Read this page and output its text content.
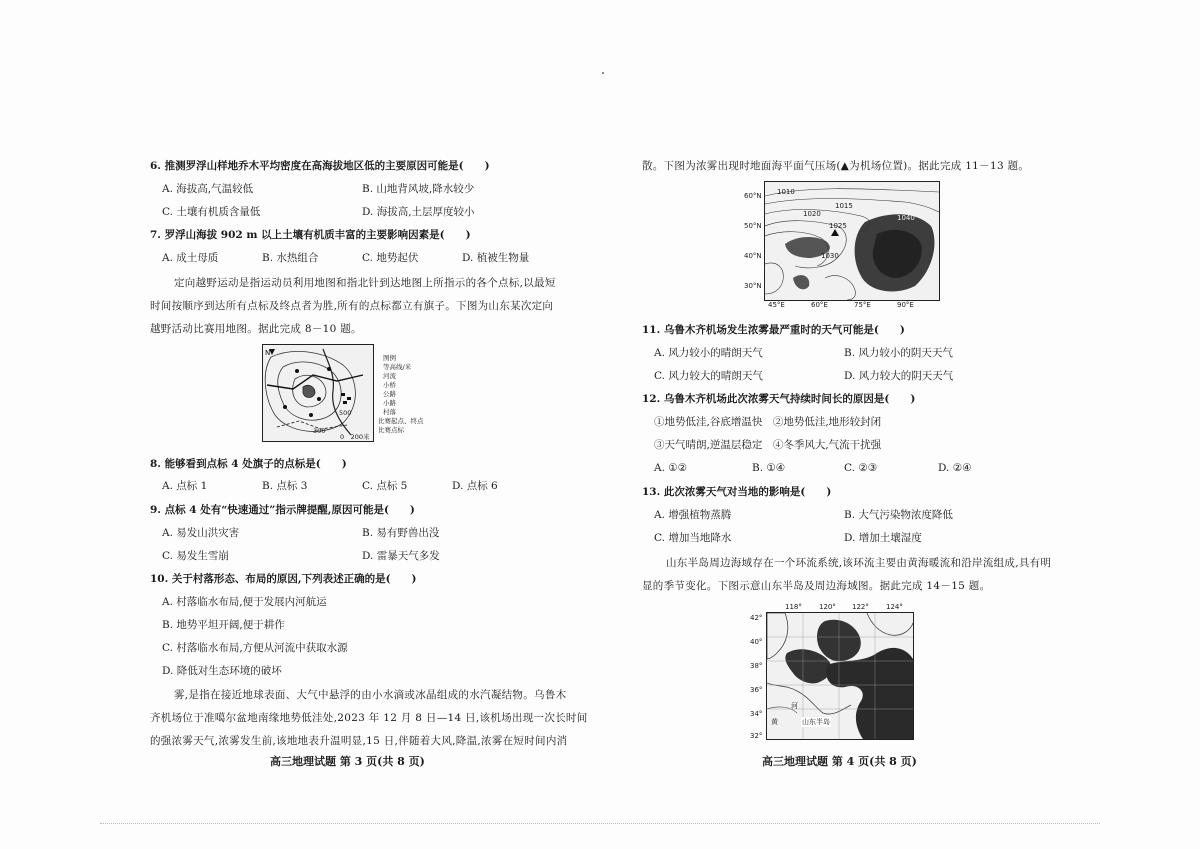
6. 推测罗浮山样地乔木平均密度在高海拔地区低的主要原因可能是(　　)
A. 海拔高,气温较低	B. 山地背风坡,降水较少
C. 土壤有机质含量低	D. 海拔高,土层厚度较小
7. 罗浮山海拔 902 m 以上土壤有机质丰富的主要影响因素是(　　)
A. 成土母质	B. 水热组合	C. 地势起伏	D. 植被生物量
定向越野运动是指运动员利用地图和指北针到达地图上所指示的各个点标,以最短
时间按顺序到达所有点标及终点者为胜,所有的点标都立有旗子。下图为山东某次定向
越野活动比赛用地图。据此完成 8－10 题。
N
300
500
图例
等高线/米
河流
小桥
公路
小路
村落
比赛起点、终点
比赛点标
0　200米
8. 能够看到点标 4 处旗子的点标是(　　)
A. 点标 1	B. 点标 3	C. 点标 5	D. 点标 6
9. 点标 4 处有“快速通过”指示牌提醒,原因可能是(　　)
A. 易发山洪灾害	B. 易有野兽出没
C. 易发生雪崩	D. 雷暴天气多发
10. 关于村落形态、布局的原因,下列表述正确的是(　　)
A. 村落临水布局,便于发展内河航运
B. 地势平坦开阔,便于耕作
C. 村落临水布局,方便从河流中获取水源
D. 降低对生态环境的破坏
雾,是指在接近地球表面、大气中悬浮的由小水滴或冰晶组成的水汽凝结物。乌鲁木
齐机场位于准噶尔盆地南缘地势低洼处,2023 年 12 月 8 日—14 日,该机场出现一次长时间
的强浓雾天气,浓雾发生前,该地地表升温明显,15 日,伴随着大风,降温,浓雾在短时间内消
高三地理试题 第 3 页(共 8 页)
散。下图为浓雾出现时地面海平面气压场(▲为机场位置)。据此完成 11－13 题。
1010
1015
1020
1025
1030
1040
60°N
50°N
40°N
30°N
45°E	60°E	75°E	90°E
11. 乌鲁木齐机场发生浓雾最严重时的天气可能是(　　)
A. 风力较小的晴朗天气	B. 风力较小的阴天天气
C. 风力较大的晴朗天气	D. 风力较大的阴天天气
12. 乌鲁木齐机场此次浓雾天气持续时间长的原因是(　　)
①地势低洼,谷底增温快　②地势低洼,地形较封闭
③天气晴朗,逆温层稳定　④冬季风大,气流干扰强
A. ①②	B. ①④	C. ②③	D. ②④
13. 此次浓雾天气对当地的影响是(　　)
A. 增强植物蒸腾	B. 大气污染物浓度降低
C. 增加当地降水	D. 增加土壤湿度
山东半岛周边海域存在一个环流系统,该环流主要由黄海暖流和沿岸流组成,具有明
显的季节变化。下图示意山东半岛及周边海域图。据此完成 14－15 题。
山东半岛
河
黄
118° 120° 122° 124°
42°
40°
38°
36°
34°
32°
高三地理试题 第 4 页(共 8 页)
